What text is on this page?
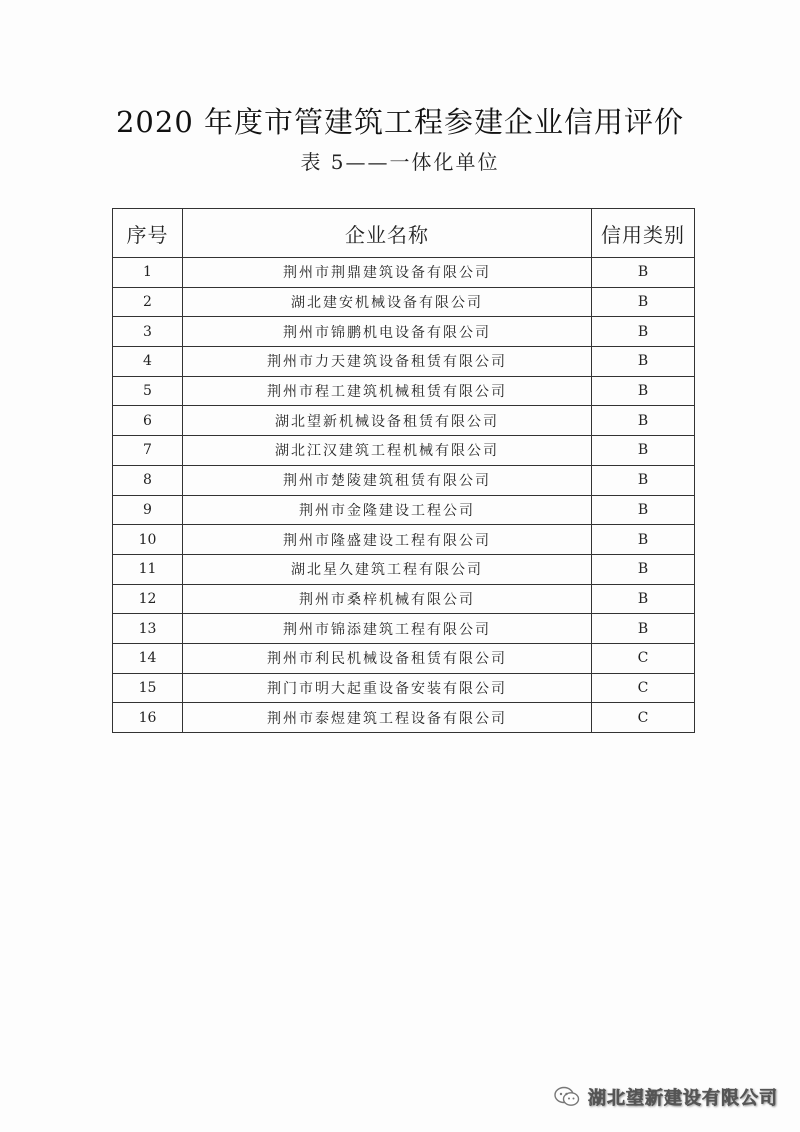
2020 年度市管建筑工程参建企业信用评价
表 5——一体化单位
序号	企业名称	信用类别
1	荆州市荆鼎建筑设备有限公司	B
2	湖北建安机械设备有限公司	B
3	荆州市锦鹏机电设备有限公司	B
4	荆州市力天建筑设备租赁有限公司	B
5	荆州市程工建筑机械租赁有限公司	B
6	湖北望新机械设备租赁有限公司	B
7	湖北江汉建筑工程机械有限公司	B
8	荆州市楚陵建筑租赁有限公司	B
9	荆州市金隆建设工程公司	B
10	荆州市隆盛建设工程有限公司	B
11	湖北星久建筑工程有限公司	B
12	荆州市桑梓机械有限公司	B
13	荆州市锦添建筑工程有限公司	B
14	荆州市利民机械设备租赁有限公司	C
15	荆门市明大起重设备安装有限公司	C
16	荆州市泰煜建筑工程设备有限公司	C
湖北望新建设有限公司
